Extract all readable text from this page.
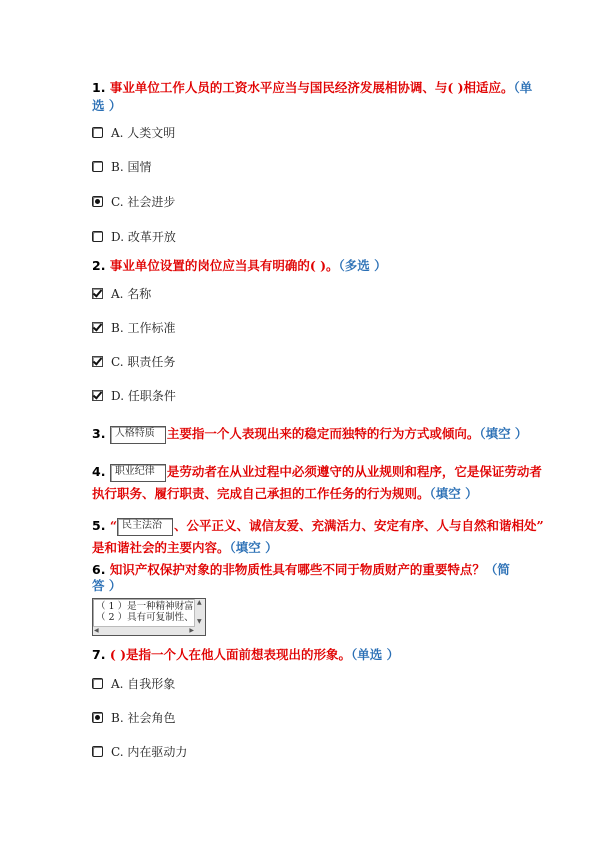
1. 事业单位工作人员的工资水平应当与国民经济发展相协调、与( )相适应。（单
选 ）
A. 人类文明
B. 国情
C. 社会进步
D. 改革开放
2. 事业单位设置的岗位应当具有明确的( )。（多选 ）
A. 名称
B. 工作标准
C. 职责任务
D. 任职条件
3. 人格特质 主要指一个人表现出来的稳定而独特的行为方式或倾向。（填空 ）
4. 职业纪律 是劳动者在从业过程中必须遵守的从业规则和程序，它是保证劳动者
执行职务、履行职责、完成自己承担的工作任务的行为规则。（填空 ）
5. “ 民主法治 、公平正义、诚信友爱、充满活力、安定有序、人与自然和谐相处”
是和谐社会的主要内容。（填空 ）
6. 知识产权保护对象的非物质性具有哪些不同于物质财产的重要特点？（简
答 ）
（ 1 ）是一种精神财富
（ 2 ）具有可复制性、
▲
▼
◀	▶
7. ( )是指一个人在他人面前想表现出的形象。（单选 ）
A. 自我形象
B. 社会角色
C. 内在驱动力
